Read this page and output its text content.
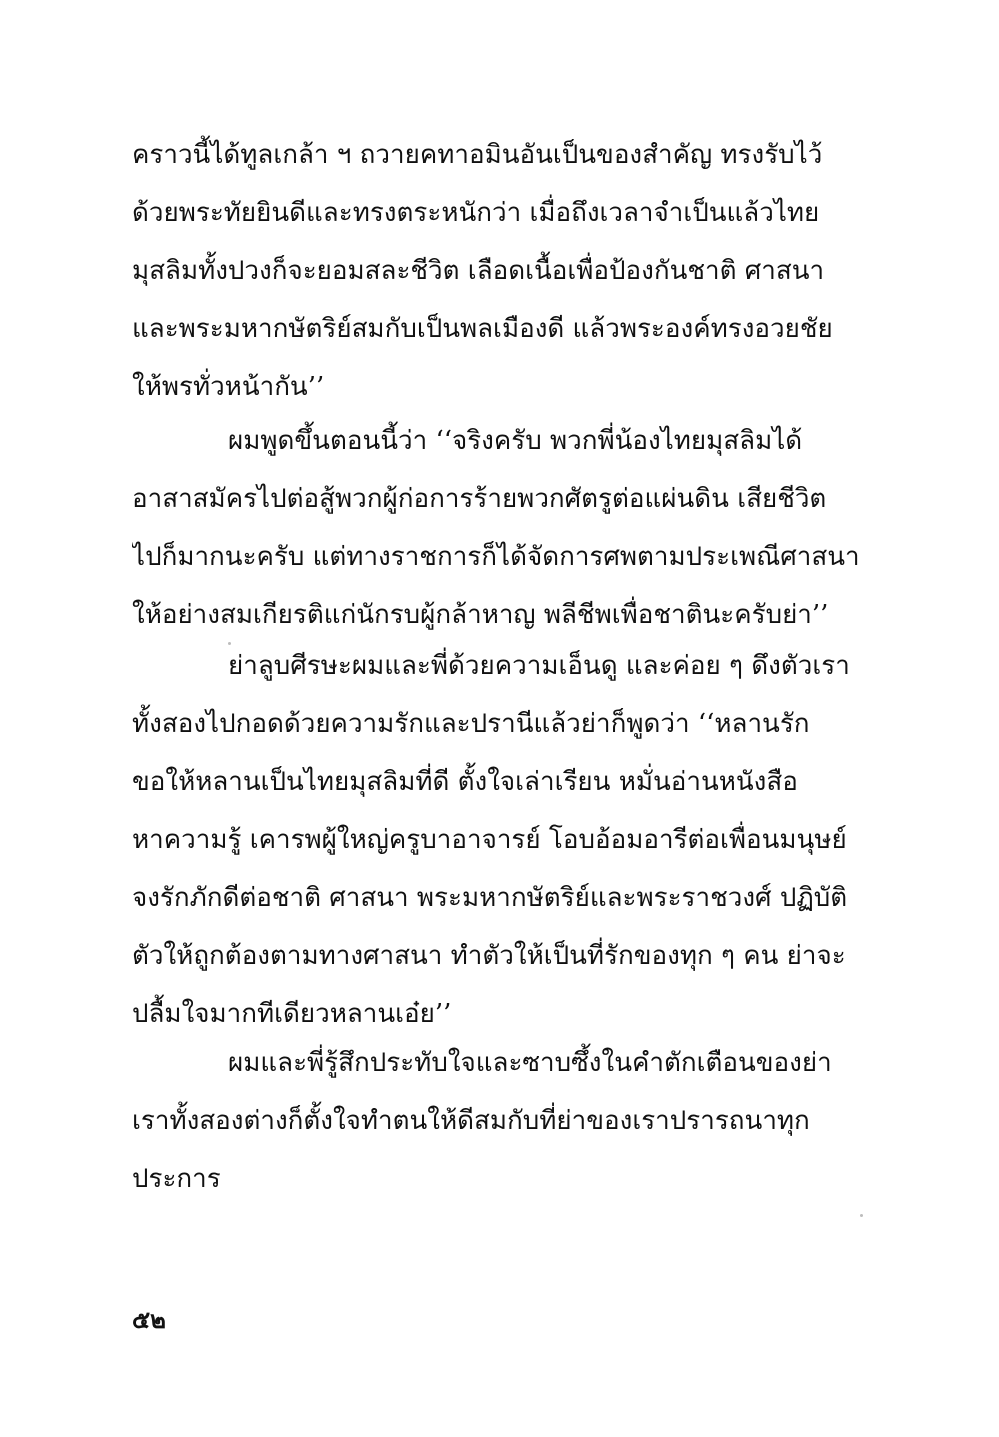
คราวนี้ได้ทูลเกล้า ฯ ถวายคทาอมินอันเป็นของสำคัญ ทรงรับไว้
ด้วยพระทัยยินดีและทรงตระหนักว่า เมื่อถึงเวลาจำเป็นแล้วไทย
มุสลิมทั้งปวงก็จะยอมสละชีวิต เลือดเนื้อเพื่อป้องกันชาติ ศาสนา
และพระมหากษัตริย์สมกับเป็นพลเมืองดี แล้วพระองค์ทรงอวยชัย
ให้พรทั่วหน้ากัน’’
ผมพูดขึ้นตอนนี้ว่า ‘‘จริงครับ พวกพี่น้องไทยมุสลิมได้
อาสาสมัครไปต่อสู้พวกผู้ก่อการร้ายพวกศัตรูต่อแผ่นดิน เสียชีวิต
ไปก็มากนะครับ แต่ทางราชการก็ได้จัดการศพตามประเพณีศาสนา
ให้อย่างสมเกียรติแก่นักรบผู้กล้าหาญ พลีชีพเพื่อชาตินะครับย่า’’
ย่าลูบศีรษะผมและพี่ด้วยความเอ็นดู และค่อย ๆ ดึงตัวเรา
ทั้งสองไปกอดด้วยความรักและปรานีแล้วย่าก็พูดว่า ‘‘หลานรัก
ขอให้หลานเป็นไทยมุสลิมที่ดี ตั้งใจเล่าเรียน หมั่นอ่านหนังสือ
หาความรู้ เคารพผู้ใหญ่ครูบาอาจารย์ โอบอ้อมอารีต่อเพื่อนมนุษย์
จงรักภักดีต่อชาติ ศาสนา พระมหากษัตริย์และพระราชวงศ์ ปฏิบัติ
ตัวให้ถูกต้องตามทางศาสนา ทำตัวให้เป็นที่รักของทุก ๆ คน ย่าจะ
ปลื้มใจมากทีเดียวหลานเอ๋ย’’
ผมและพี่รู้สึกประทับใจและซาบซึ้งในคำตักเตือนของย่า
เราทั้งสองต่างก็ตั้งใจทำตนให้ดีสมกับที่ย่าของเราปรารถนาทุก
ประการ
๕๒
